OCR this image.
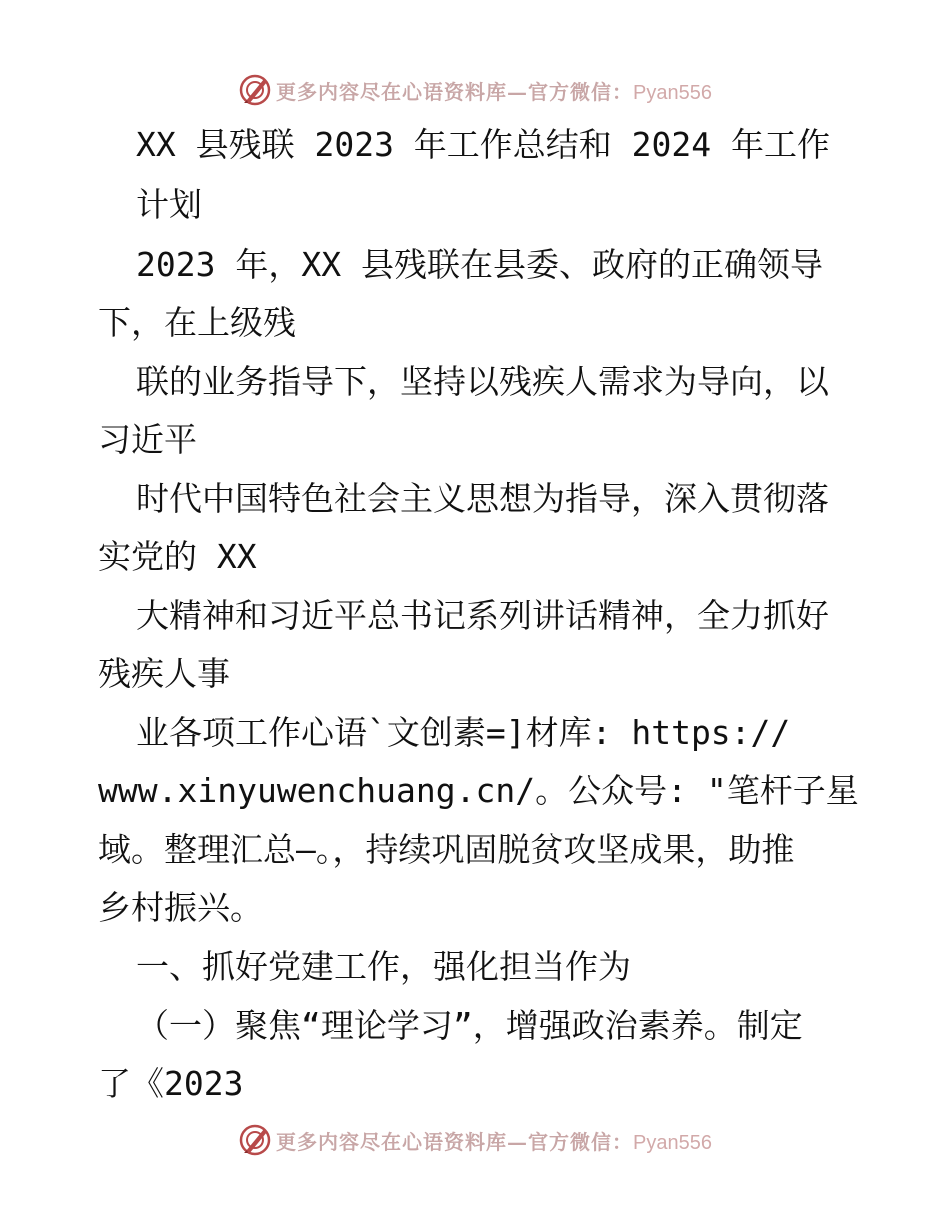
更多内容尽在心语资料库—官方微信：Pyan556

XX 县残联 2023 年工作总结和 2024 年工作

计划

2023 年，XX 县残联在县委、政府的正确领导

下，在上级残

联的业务指导下，坚持以残疾人需求为导向，以

习近平

时代中国特色社会主义思想为指导，深入贯彻落

实党的 XX

大精神和习近平总书记系列讲话精神，全力抓好

残疾人事

业各项工作心语`文创素=]材库: https://

www.xinyuwenchuang.cn/。公众号: "笔杆子星

域。整理汇总—。，持续巩固脱贫攻坚成果，助推

乡村振兴。

一、抓好党建工作，强化担当作为

（一）聚焦“理论学习”，增强政治素养。制定

了《2023

更多内容尽在心语资料库—官方微信：Pyan556
